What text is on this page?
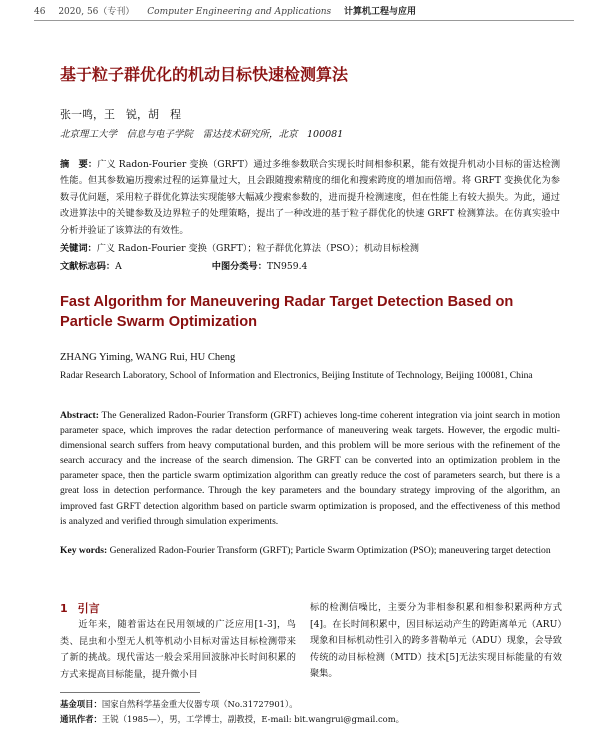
46 2020, 56（专刊） Computer Engineering and Applications 计算机工程与应用
基于粒子群优化的机动目标快速检测算法
张一鸣，王　锐，胡　程
北京理工大学　信息与电子学院　雷达技术研究所，北京　100081
摘　要：广义 Radon-Fourier 变换（GRFT）通过多维参数联合实现长时间相参积累，能有效提升机动小目标的雷达检测性能。但其参数遍历搜索过程的运算量过大，且会跟随搜索精度的细化和搜索跨度的增加而倍增。将 GRFT 变换优化为参数寻优问题，采用粒子群优化算法实现能够大幅减少搜索参数的，进而提升检测速度，但在性能上有较大损失。为此，通过改进算法中的关键参数及边界粒子的处理策略，提出了一种改进的基于粒子群优化的快速 GRFT 检测算法。在仿真实验中分析并验证了该算法的有效性。
关键词：广义 Radon-Fourier 变换（GRFT）；粒子群优化算法（PSO）；机动目标检测
文献标志码：A	中图分类号：TN959.4
Fast Algorithm for Maneuvering Radar Target Detection Based on Particle Swarm Optimization
ZHANG Yiming, WANG Rui, HU Cheng
Radar Research Laboratory, School of Information and Electronics, Beijing Institute of Technology, Beijing 100081, China
Abstract: The Generalized Radon-Fourier Transform (GRFT) achieves long-time coherent integration via joint search in motion parameter space, which improves the radar detection performance of maneuvering weak targets. However, the ergodic multi-dimensional search suffers from heavy computational burden, and this problem will be more serious with the refinement of the search accuracy and the increase of the search dimension. The GRFT can be converted into an optimization problem in the parameter space, then the particle swarm optimization algorithm can greatly reduce the cost of parameters search, but there is a great loss in detection performance. Through the key parameters and the boundary strategy improving of the algorithm, an improved fast GRFT detection algorithm based on particle swarm optimization is proposed, and the effectiveness of this method is analyzed and verified through simulation experiments.
Key words: Generalized Radon-Fourier Transform (GRFT); Particle Swarm Optimization (PSO); maneuvering target detection
1 引言
近年来，随着雷达在民用领域的广泛应用[1-3]，鸟类、昆虫和小型无人机等机动小目标对雷达目标检测带来了新的挑战。现代雷达一般会采用回波脉冲长时间积累的方式来提高目标能量，提升微小目
标的检测信噪比，主要分为非相参积累和相参积累两种方式[4]。在长时间积累中，因目标运动产生的跨距离单元（ARU）现象和目标机动性引入的跨多普勒单元（ADU）现象，会导致传统的动目标检测（MTD）技术[5]无法实现目标能量的有效聚集。
基金项目：国家自然科学基金重大仪器专项（No.31727901）。
通讯作者：王锐（1985—），男，工学博士，副教授，E-mail: bit.wangrui@gmail.com。
